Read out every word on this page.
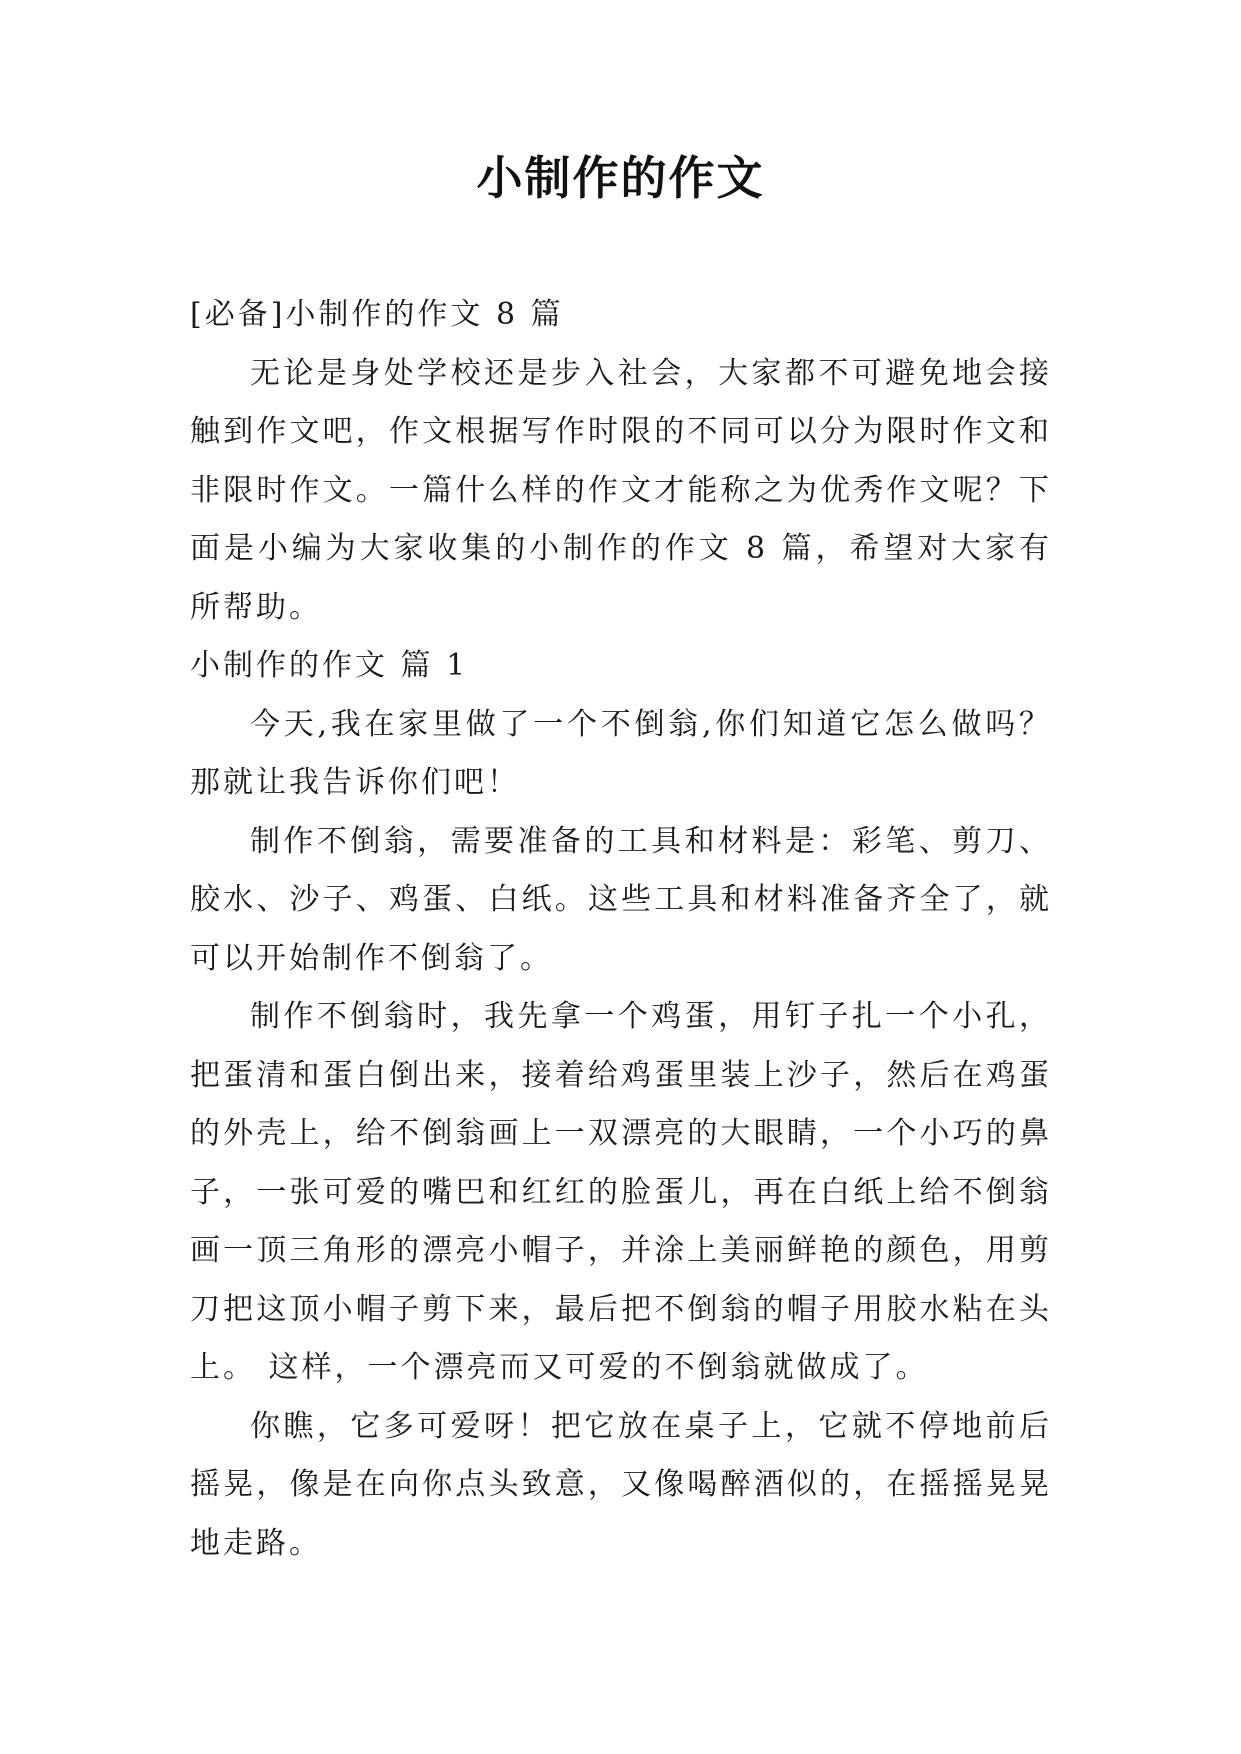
小制作的作文

[必备]小制作的作文 8 篇

无论是身处学校还是步入社会，大家都不可避免地会接触到作文吧，作文根据写作时限的不同可以分为限时作文和非限时作文。一篇什么样的作文才能称之为优秀作文呢？下面是小编为大家收集的小制作的作文 8 篇，希望对大家有所帮助。

小制作的作文 篇 1

今天,我在家里做了一个不倒翁,你们知道它怎么做吗？那就让我告诉你们吧！

制作不倒翁，需要准备的工具和材料是：彩笔、剪刀、胶水、沙子、鸡蛋、白纸。这些工具和材料准备齐全了，就可以开始制作不倒翁了。

制作不倒翁时，我先拿一个鸡蛋，用钉子扎一个小孔，把蛋清和蛋白倒出来，接着给鸡蛋里装上沙子，然后在鸡蛋的外壳上，给不倒翁画上一双漂亮的大眼睛，一个小巧的鼻子，一张可爱的嘴巴和红红的脸蛋儿，再在白纸上给不倒翁画一顶三角形的漂亮小帽子，并涂上美丽鲜艳的颜色，用剪刀把这顶小帽子剪下来，最后把不倒翁的帽子用胶水粘在头上。 这样，一个漂亮而又可爱的不倒翁就做成了。

你瞧，它多可爱呀！把它放在桌子上，它就不停地前后摇晃，像是在向你点头致意，又像喝醉酒似的，在摇摇晃晃地走路。
